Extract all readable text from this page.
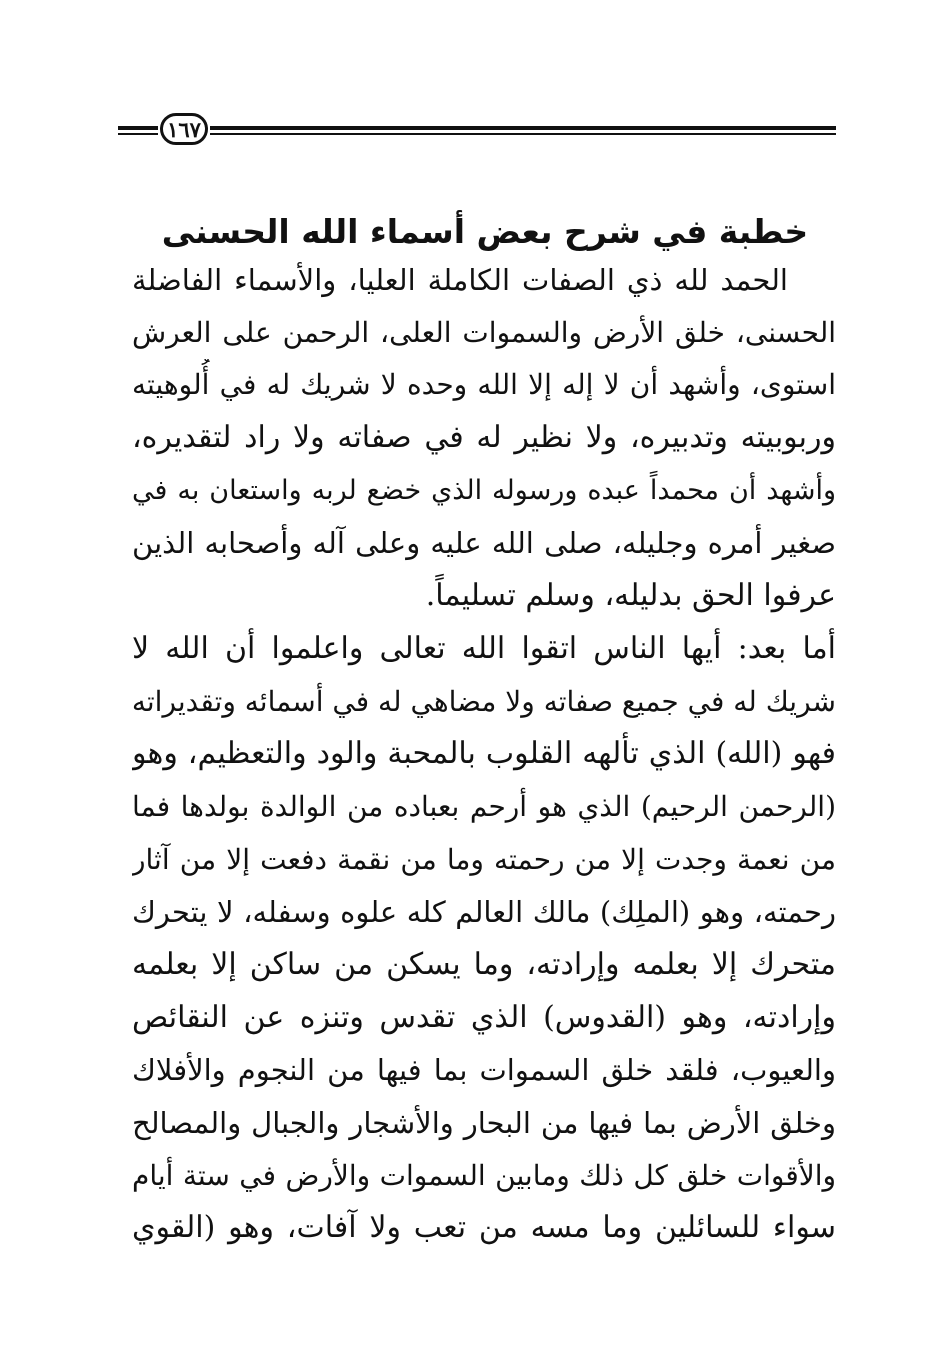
١٦٧
خطبة في شرح بعض أسماء الله الحسنى
الحمد لله ذي الصفات الكاملة العليا، والأسماء الفاضلة
الحسنى، خلق الأرض والسموات العلى، الرحمن على العرش
استوى، وأشهد أن لا إله إلا الله وحده لا شريك له في أُلوهيته
وربوبيته وتدبيره، ولا نظير له في صفاته ولا راد لتقديره،
وأشهد أن محمداً عبده ورسوله الذي خضع لربه واستعان به في
صغير أمره وجليله، صلى الله عليه وعلى آله وأصحابه الذين
عرفوا الحق بدليله، وسلم تسليماً.
أما بعد: أيها الناس اتقوا الله تعالى واعلموا أن الله لا
شريك له في جميع صفاته ولا مضاهي له في أسمائه وتقديراته
فهو (الله) الذي تألهه القلوب بالمحبة والود والتعظيم، وهو
(الرحمن الرحيم) الذي هو أرحم بعباده من الوالدة بولدها فما
من نعمة وجدت إلا من رحمته وما من نقمة دفعت إلا من آثار
رحمته، وهو (الملِك) مالك العالم كله علوه وسفله، لا يتحرك
متحرك إلا بعلمه وإرادته، وما يسكن من ساكن إلا بعلمه
وإرادته، وهو (القدوس) الذي تقدس وتنزه عن النقائص
والعيوب، فلقد خلق السموات بما فيها من النجوم والأفلاك
وخلق الأرض بما فيها من البحار والأشجار والجبال والمصالح
والأقوات خلق كل ذلك ومابين السموات والأرض في ستة أيام
سواء للسائلين وما مسه من تعب ولا آفات، وهو (القوي
